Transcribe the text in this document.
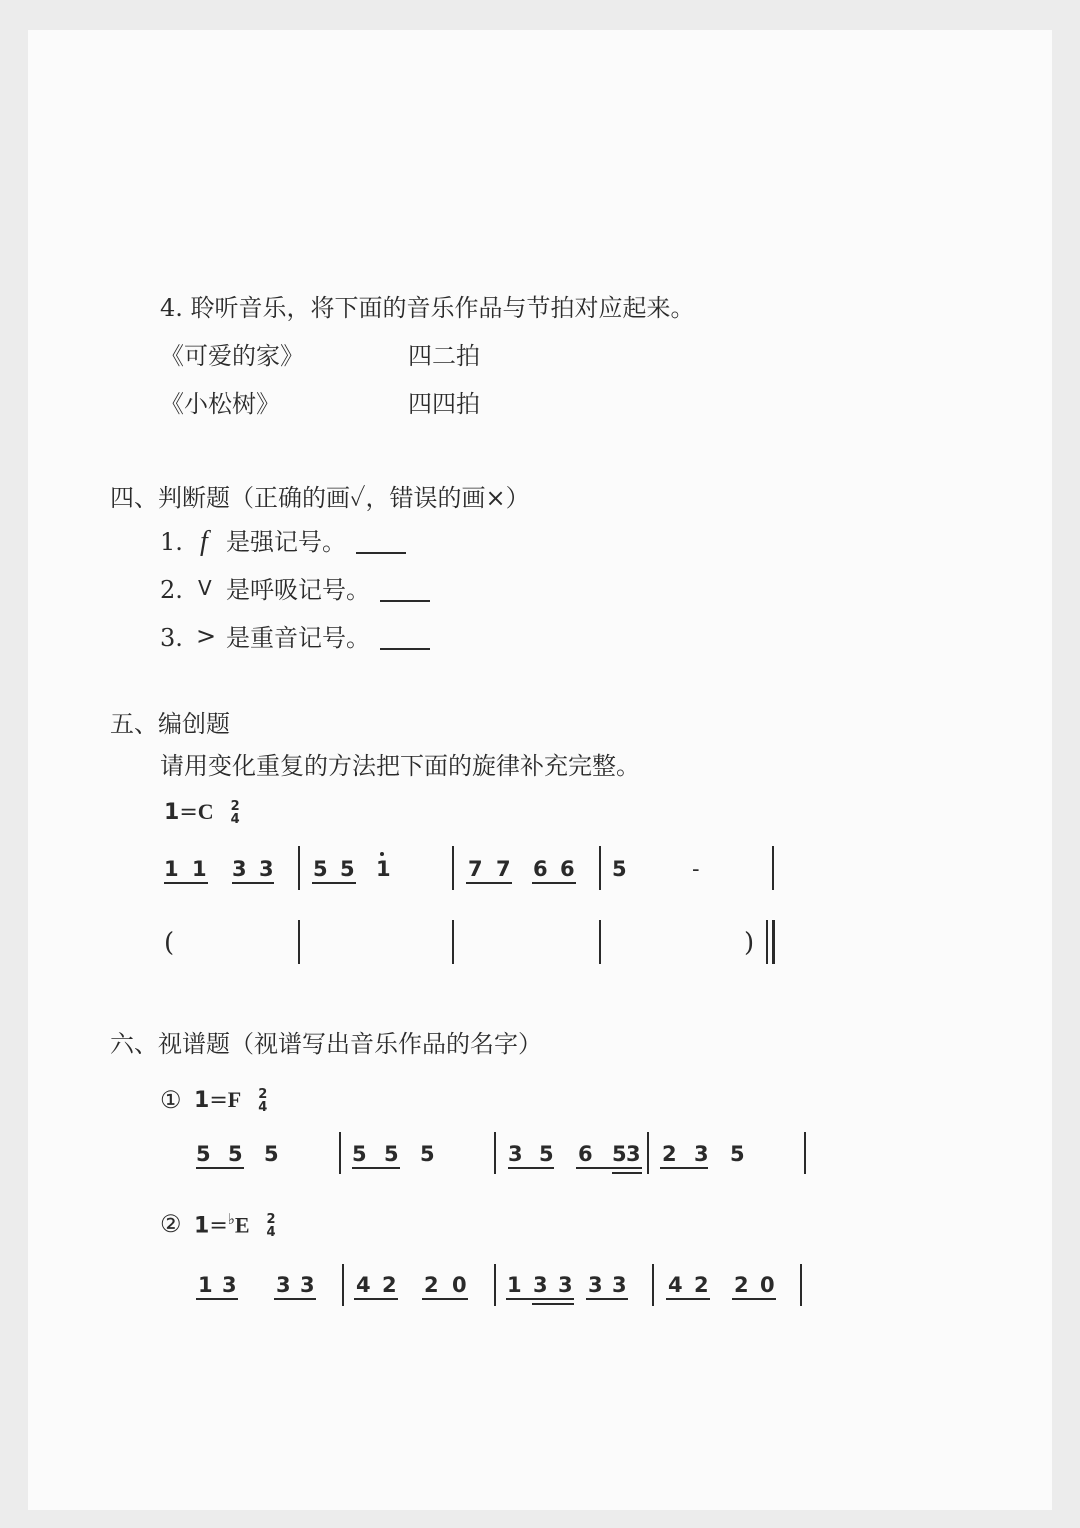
4. 聆听音乐，将下面的音乐作品与节拍对应起来。
《可爱的家》	四二拍
《小松树》	四四拍
四、判断题（正确的画✓，错误的画×）
1. f 是强记号。
2. V 是呼吸记号。
3. > 是重音记号。
五、编创题
请用变化重复的方法把下面的旋律补充完整。
1=C 2
4
1 1 3 3 5 5 1	7 7 6 6 5	-
(	)
六、视谱题（视谱写出音乐作品的名字）
① 1=F 2
4
5 5 5	5 5 5	3 5 6 5 3 2 3 5
② 1=♭E 2
4
1 3 3 3 4 2 2 0 1 3 3 3 3 4 2 2 0
